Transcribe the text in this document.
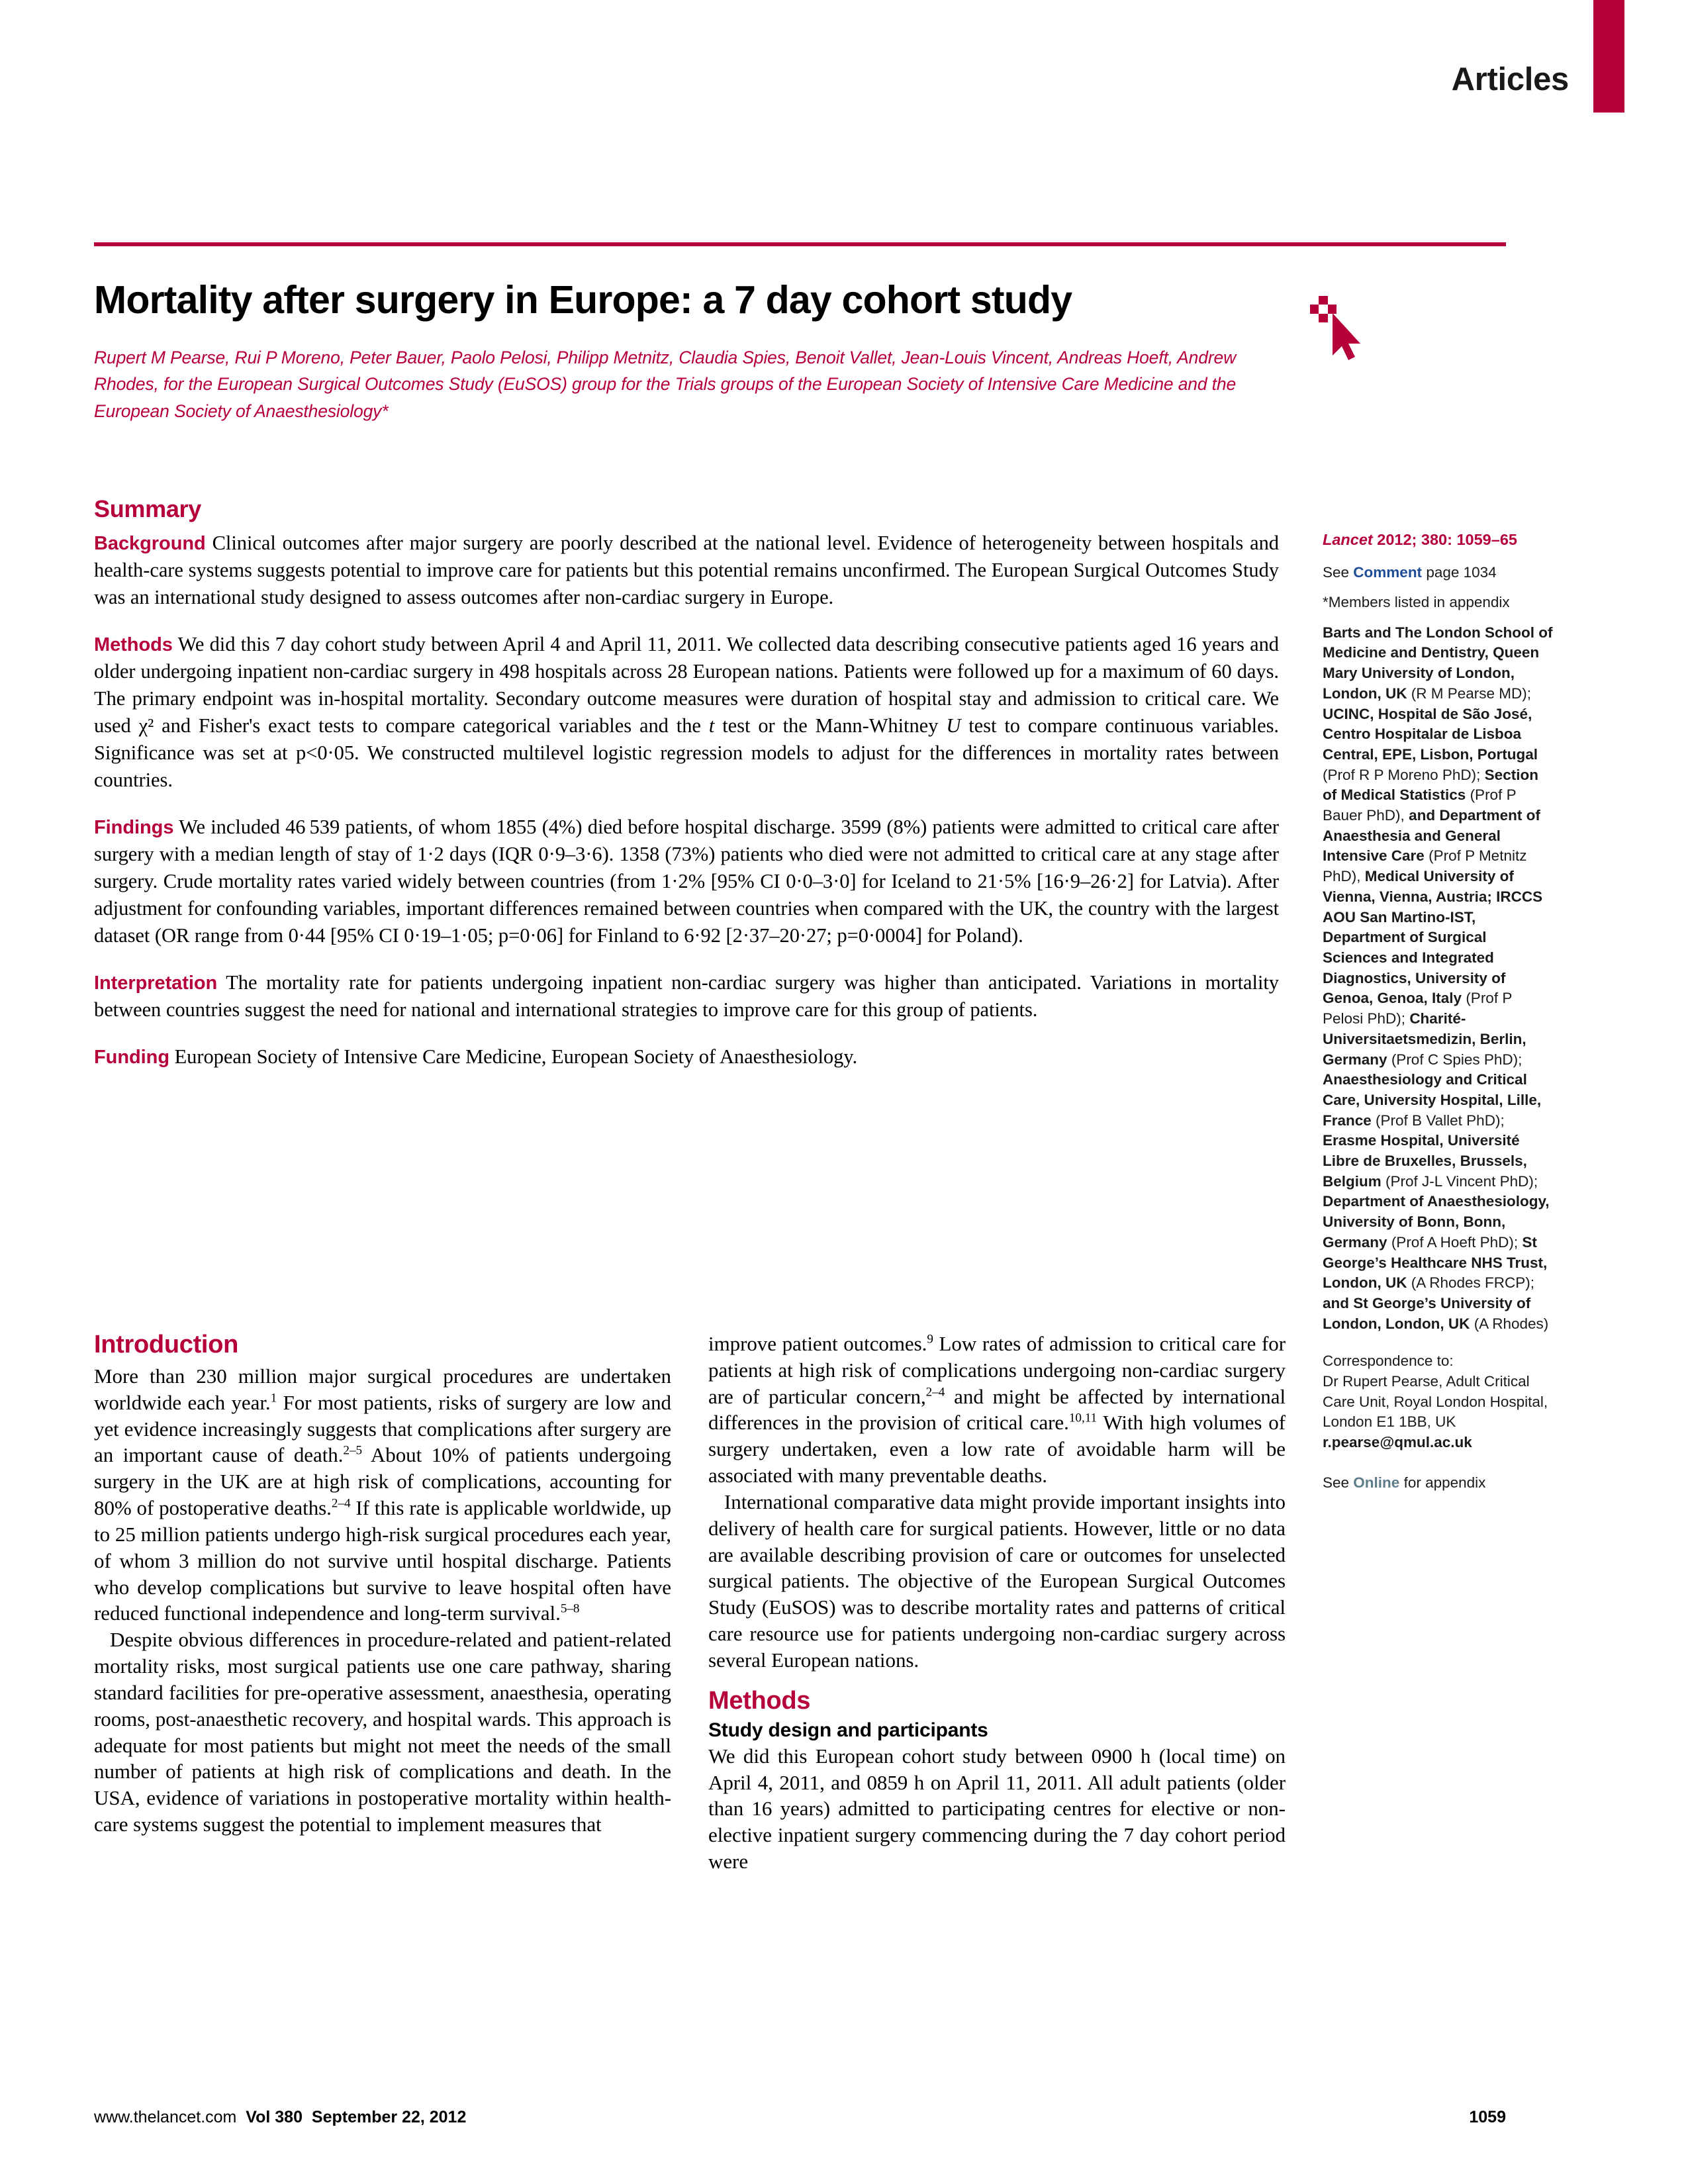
Articles
Mortality after surgery in Europe: a 7 day cohort study
Rupert M Pearse, Rui P Moreno, Peter Bauer, Paolo Pelosi, Philipp Metnitz, Claudia Spies, Benoit Vallet, Jean-Louis Vincent, Andreas Hoeft, Andrew Rhodes, for the European Surgical Outcomes Study (EuSOS) group for the Trials groups of the European Society of Intensive Care Medicine and the European Society of Anaesthesiology*
Summary

Background Clinical outcomes after major surgery are poorly described at the national level. Evidence of heterogeneity between hospitals and health-care systems suggests potential to improve care for patients but this potential remains unconfirmed. The European Surgical Outcomes Study was an international study designed to assess outcomes after non-cardiac surgery in Europe.

Methods We did this 7 day cohort study between April 4 and April 11, 2011. We collected data describing consecutive patients aged 16 years and older undergoing inpatient non-cardiac surgery in 498 hospitals across 28 European nations. Patients were followed up for a maximum of 60 days. The primary endpoint was in-hospital mortality. Secondary outcome measures were duration of hospital stay and admission to critical care. We used χ² and Fisher's exact tests to compare categorical variables and the t test or the Mann-Whitney U test to compare continuous variables. Significance was set at p<0·05. We constructed multilevel logistic regression models to adjust for the differences in mortality rates between countries.

Findings We included 46 539 patients, of whom 1855 (4%) died before hospital discharge. 3599 (8%) patients were admitted to critical care after surgery with a median length of stay of 1·2 days (IQR 0·9–3·6). 1358 (73%) patients who died were not admitted to critical care at any stage after surgery. Crude mortality rates varied widely between countries (from 1·2% [95% CI 0·0–3·0] for Iceland to 21·5% [16·9–26·2] for Latvia). After adjustment for confounding variables, important differences remained between countries when compared with the UK, the country with the largest dataset (OR range from 0·44 [95% CI 0·19–1·05; p=0·06] for Finland to 6·92 [2·37–20·27; p=0·0004] for Poland).

Interpretation The mortality rate for patients undergoing inpatient non-cardiac surgery was higher than anticipated. Variations in mortality between countries suggest the need for national and international strategies to improve care for this group of patients.

Funding European Society of Intensive Care Medicine, European Society of Anaesthesiology.

Introduction

More than 230 million major surgical procedures are undertaken worldwide each year.$^1$ For most patients, risks of surgery are low and yet evidence increasingly suggests that complications after surgery are an important cause of death.$^{2-5}$ About 10% of patients undergoing surgery in the UK are at high risk of complications, accounting for 80% of postoperative deaths.$^{2-4}$ If this rate is applicable worldwide, up to 25 million patients undergo high-risk surgical procedures each year, of whom 3 million do not survive until hospital discharge. Patients who develop complications but survive to leave hospital often have reduced functional independence and long-term survival.$^{5-8}$

Despite obvious differences in procedure-related and patient-related mortality risks, most surgical patients use one care pathway, sharing standard facilities for pre-operative assessment, anaesthesia, operating rooms, post-anaesthetic recovery, and hospital wards. This approach is adequate for most patients but might not meet the needs of the small number of patients at high risk of complications and death. In the USA, evidence of variations in postoperative mortality within health-care systems suggest the potential to implement measures that

improve patient outcomes.$^9$ Low rates of admission to critical care for patients at high risk of complications undergoing non-cardiac surgery are of particular concern,$^{2-4}$ and might be affected by international differences in the provision of critical care.$^{10,11}$ With high volumes of surgery undertaken, even a low rate of avoidable harm will be associated with many preventable deaths.

International comparative data might provide important insights into delivery of health care for surgical patients. However, little or no data are available describing provision of care or outcomes for unselected surgical patients. The objective of the European Surgical Outcomes Study (EuSOS) was to describe mortality rates and patterns of critical care resource use for patients undergoing non-cardiac surgery across several European nations.

Methods
Study design and participants

We did this European cohort study between 0900 h (local time) on April 4, 2011, and 0859 h on April 11, 2011. All adult patients (older than 16 years) admitted to participating centres for elective or non-elective inpatient surgery commencing during the 7 day cohort period were

Lancet 2012; 380: 1059–65
See Comment page 1034
*Members listed in appendix
Barts and The London School of Medicine and Dentistry, Queen Mary University of London, London, UK (R M Pearse MD); UCINC, Hospital de São José, Centro Hospitalar de Lisboa Central, EPE, Lisbon, Portugal (Prof R P Moreno PhD); Section of Medical Statistics (Prof P Bauer PhD), and Department of Anaesthesia and General Intensive Care (Prof P Metnitz PhD), Medical University of Vienna, Vienna, Austria; IRCCS AOU San Martino-IST, Department of Surgical Sciences and Integrated Diagnostics, University of Genoa, Genoa, Italy (Prof P Pelosi PhD); Charité-Universitaetsmedizin, Berlin, Germany (Prof C Spies PhD); Anaesthesiology and Critical Care, University Hospital, Lille, France (Prof B Vallet PhD); Erasme Hospital, Université Libre de Bruxelles, Brussels, Belgium (Prof J-L Vincent PhD); Department of Anaesthesiology, University of Bonn, Bonn, Germany (Prof A Hoeft PhD); St George’s Healthcare NHS Trust, London, UK (A Rhodes FRCP); and St George’s University of London, London, UK (A Rhodes)
Correspondence to:
Dr Rupert Pearse, Adult Critical Care Unit, Royal London Hospital, London E1 1BB, UK
r.pearse@qmul.ac.uk
See Online for appendix
www.thelancet.com Vol 380 September 22, 2012	1059
